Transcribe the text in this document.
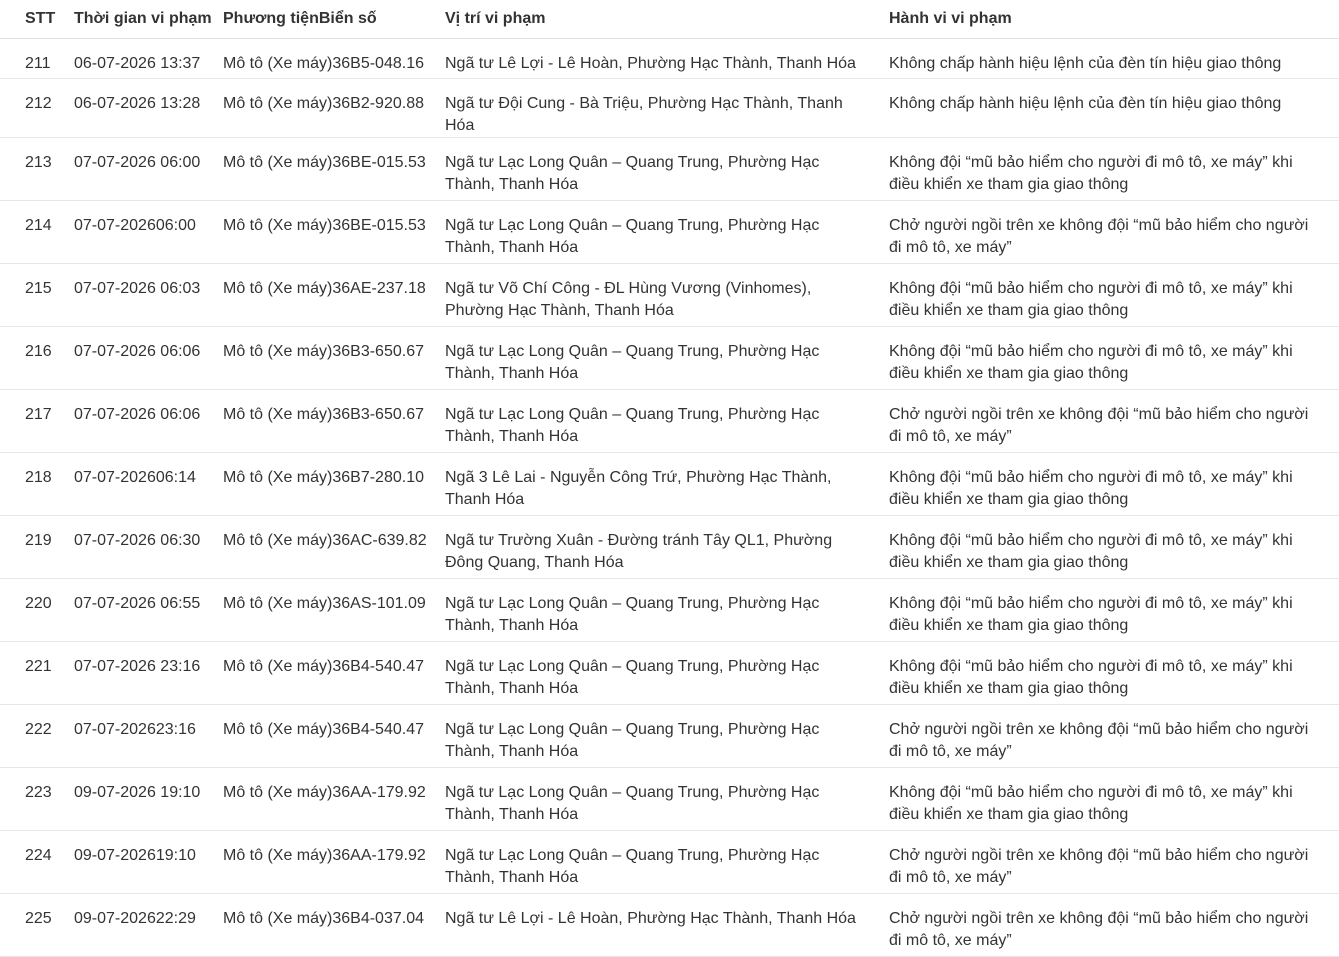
STT	Thời gian vi phạm	Phương tiệnBiển số	Vị trí vi phạm	Hành vi vi phạm
211	06-07-2026 13:37	Mô tô (Xe máy)36B5-048.16	Ngã tư Lê Lợi - Lê Hoàn, Phường Hạc Thành, Thanh Hóa	Không chấp hành hiệu lệnh của đèn tín hiệu giao thông
212	06-07-2026 13:28	Mô tô (Xe máy)36B2-920.88	Ngã tư Đội Cung - Bà Triệu, Phường Hạc Thành, Thanh Hóa	Không chấp hành hiệu lệnh của đèn tín hiệu giao thông
213	07-07-2026 06:00	Mô tô (Xe máy)36BE-015.53	Ngã tư Lạc Long Quân – Quang Trung, Phường Hạc Thành, Thanh Hóa	Không đội “mũ bảo hiểm cho người đi mô tô, xe máy” khi điều khiển xe tham gia giao thông
214	07-07-202606:00	Mô tô (Xe máy)36BE-015.53	Ngã tư Lạc Long Quân – Quang Trung, Phường Hạc Thành, Thanh Hóa	Chở người ngồi trên xe không đội “mũ bảo hiểm cho người đi mô tô, xe máy”
215	07-07-2026 06:03	Mô tô (Xe máy)36AE-237.18	Ngã tư Võ Chí Công - ĐL Hùng Vương (Vinhomes), Phường Hạc Thành, Thanh Hóa	Không đội “mũ bảo hiểm cho người đi mô tô, xe máy” khi điều khiển xe tham gia giao thông
216	07-07-2026 06:06	Mô tô (Xe máy)36B3-650.67	Ngã tư Lạc Long Quân – Quang Trung, Phường Hạc Thành, Thanh Hóa	Không đội “mũ bảo hiểm cho người đi mô tô, xe máy” khi điều khiển xe tham gia giao thông
217	07-07-2026 06:06	Mô tô (Xe máy)36B3-650.67	Ngã tư Lạc Long Quân – Quang Trung, Phường Hạc Thành, Thanh Hóa	Chở người ngồi trên xe không đội “mũ bảo hiểm cho người đi mô tô, xe máy”
218	07-07-202606:14	Mô tô (Xe máy)36B7-280.10	Ngã 3 Lê Lai - Nguyễn Công Trứ, Phường Hạc Thành, Thanh Hóa	Không đội “mũ bảo hiểm cho người đi mô tô, xe máy” khi điều khiển xe tham gia giao thông
219	07-07-2026 06:30	Mô tô (Xe máy)36AC-639.82	Ngã tư Trường Xuân - Đường tránh Tây QL1, Phường Đông Quang, Thanh Hóa	Không đội “mũ bảo hiểm cho người đi mô tô, xe máy” khi điều khiển xe tham gia giao thông
220	07-07-2026 06:55	Mô tô (Xe máy)36AS-101.09	Ngã tư Lạc Long Quân – Quang Trung, Phường Hạc Thành, Thanh Hóa	Không đội “mũ bảo hiểm cho người đi mô tô, xe máy” khi điều khiển xe tham gia giao thông
221	07-07-2026 23:16	Mô tô (Xe máy)36B4-540.47	Ngã tư Lạc Long Quân – Quang Trung, Phường Hạc Thành, Thanh Hóa	Không đội “mũ bảo hiểm cho người đi mô tô, xe máy” khi điều khiển xe tham gia giao thông
222	07-07-202623:16	Mô tô (Xe máy)36B4-540.47	Ngã tư Lạc Long Quân – Quang Trung, Phường Hạc Thành, Thanh Hóa	Chở người ngồi trên xe không đội “mũ bảo hiểm cho người đi mô tô, xe máy”
223	09-07-2026 19:10	Mô tô (Xe máy)36AA-179.92	Ngã tư Lạc Long Quân – Quang Trung, Phường Hạc Thành, Thanh Hóa	Không đội “mũ bảo hiểm cho người đi mô tô, xe máy” khi điều khiển xe tham gia giao thông
224	09-07-202619:10	Mô tô (Xe máy)36AA-179.92	Ngã tư Lạc Long Quân – Quang Trung, Phường Hạc Thành, Thanh Hóa	Chở người ngồi trên xe không đội “mũ bảo hiểm cho người đi mô tô, xe máy”
225	09-07-202622:29	Mô tô (Xe máy)36B4-037.04	Ngã tư Lê Lợi - Lê Hoàn, Phường Hạc Thành, Thanh Hóa	Chở người ngồi trên xe không đội “mũ bảo hiểm cho người đi mô tô, xe máy”
